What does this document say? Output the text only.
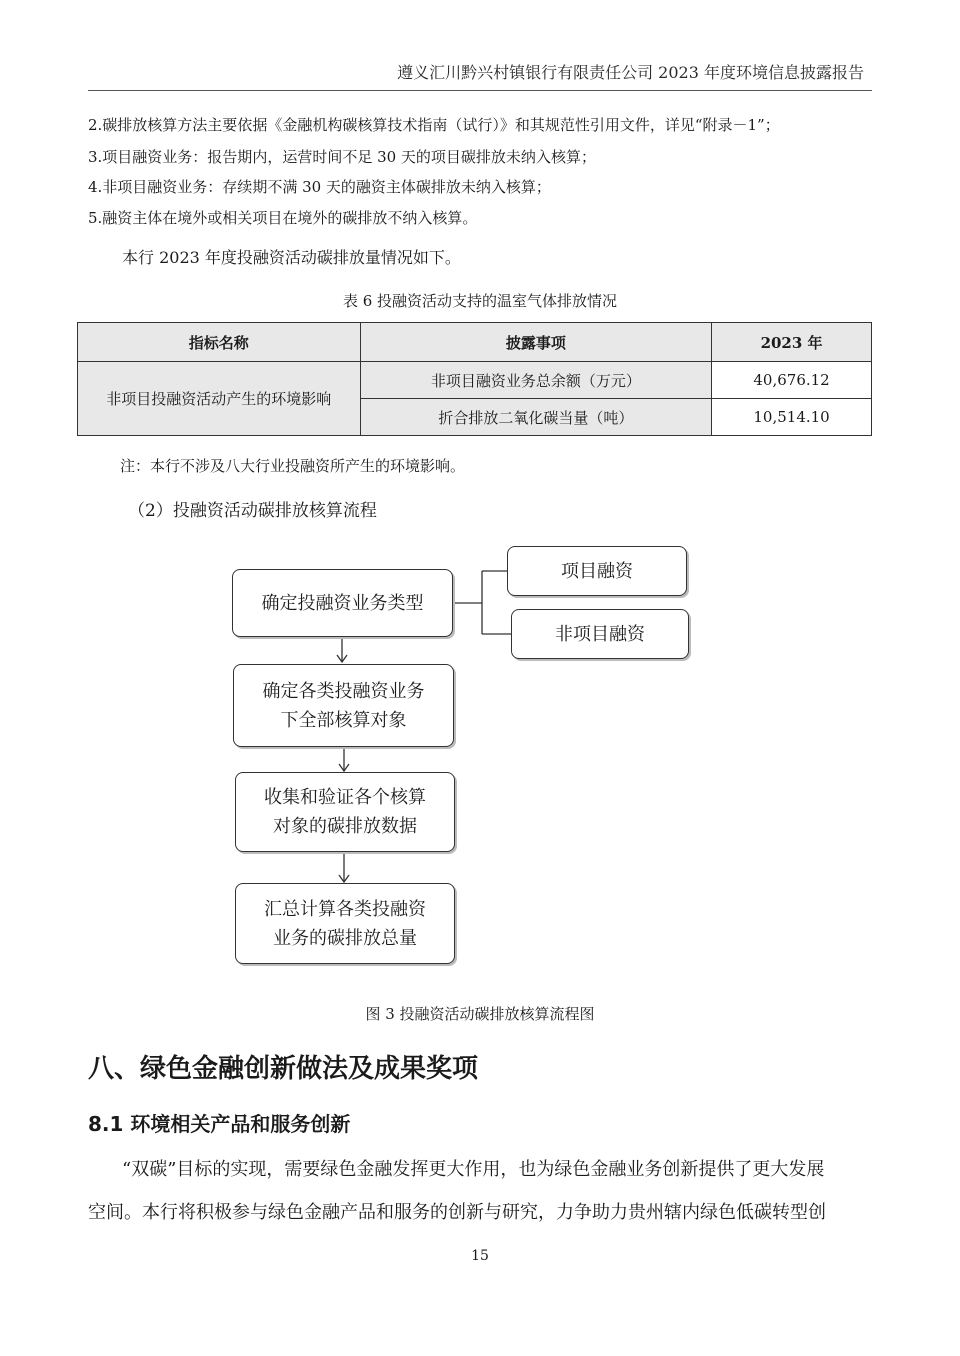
遵义汇川黔兴村镇银行有限责任公司 2023 年度环境信息披露报告
2.碳排放核算方法主要依据《金融机构碳核算技术指南（试行）》和其规范性引用文件，详见“附录－1”；
3.项目融资业务：报告期内，运营时间不足 30 天的项目碳排放未纳入核算；
4.非项目融资业务：存续期不满 30 天的融资主体碳排放未纳入核算；
5.融资主体在境外或相关项目在境外的碳排放不纳入核算。
本行 2023 年度投融资活动碳排放量情况如下。
表 6 投融资活动支持的温室气体排放情况
指标名称	披露事项	2023 年
非项目投融资活动产生的环境影响	非项目融资业务总余额（万元）	40,676.12
	折合排放二氧化碳当量（吨）	10,514.10
注：本行不涉及八大行业投融资所产生的环境影响。
（2）投融资活动碳排放核算流程
确定投融资业务类型
项目融资
非项目融资
确定各类投融资业务
下全部核算对象
收集和验证各个核算
对象的碳排放数据
汇总计算各类投融资
业务的碳排放总量
图 3 投融资活动碳排放核算流程图
八、绿色金融创新做法及成果奖项
8.1 环境相关产品和服务创新
“双碳”目标的实现，需要绿色金融发挥更大作用，也为绿色金融业务创新提供了更大发展
空间。本行将积极参与绿色金融产品和服务的创新与研究，力争助力贵州辖内绿色低碳转型创
15
